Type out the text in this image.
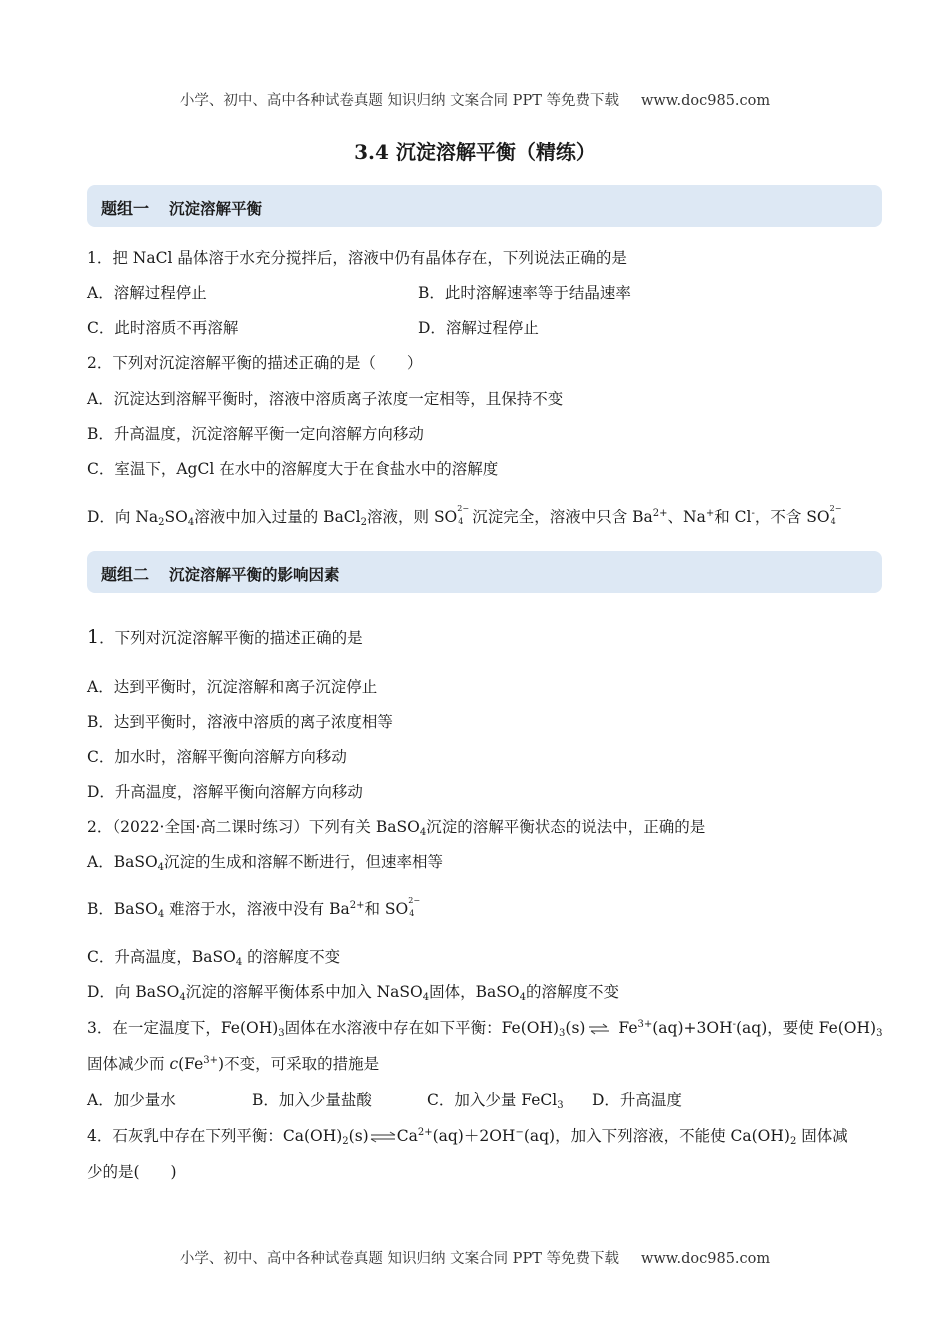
小学、初中、高中各种试卷真题 知识归纳 文案合同 PPT 等免费下载 www.doc985.com
3.4 沉淀溶解平衡（精练）
题组一 沉淀溶解平衡
1．把 NaCl 晶体溶于水充分搅拌后，溶液中仍有晶体存在，下列说法正确的是
A．溶解过程停止	B．此时溶解速率等于结晶速率
C．此时溶质不再溶解	D．溶解过程停止
2．下列对沉淀溶解平衡的描述正确的是（　　）
A．沉淀达到溶解平衡时，溶液中溶质离子浓度一定相等，且保持不变
B．升高温度，沉淀溶解平衡一定向溶解方向移动
C．室温下，AgCl 在水中的溶解度大于在食盐水中的溶解度
D．向 $Na_2SO_4$溶液中加入过量的 BaCl$_2$溶液，则 SO 2−
4 沉淀完全，溶液中只含 $Ba^{2+}$、Na+和 Cl-，不含 SO 2−
4
题组二 沉淀溶解平衡的影响因素
1．下列对沉淀溶解平衡的描述正确的是
A．达到平衡时，沉淀溶解和离子沉淀停止
B．达到平衡时，溶液中溶质的离子浓度相等
C．加水时，溶解平衡向溶解方向移动
D．升高温度，溶解平衡向溶解方向移动
2．（2022·全国·高二课时练习）下列有关 BaSO$_4$沉淀的溶解平衡状态的说法中，正确的是
A．BaSO$_4$沉淀的生成和溶解不断进行，但速率相等
B．BaSO$_4$ 难溶于水，溶液中没有 $Ba^{2+}$和 SO 2−
4
C．升高温度，BaSO$_4$ 的溶解度不变
D．向 BaSO$_4$沉淀的溶解平衡体系中加入 NaSO$_4$固体，BaSO$_4$的溶解度不变
3．在一定温度下，$Fe(OH)_3$固体在水溶液中存在如下平衡：$Fe(OH)_3(s)\rightleftharpoons$ $Fe^{3+}(aq)+3OH^-(aq)$，要使 $Fe(OH)_3$
固体减少而 $c(Fe^{3+})$不变，可采取的措施是
A．加少量水	B．加入少量盐酸	C．加入少量 FeCl$_3$ D．升高温度
4．石灰乳中存在下列平衡：$Ca(OH)_2(s)\rightleftharpoons Ca^{2+}(aq)+2OH^-(aq)$，加入下列溶液，不能使 $Ca(OH)_2$ 固体减
少的是(　　)
小学、初中、高中各种试卷真题 知识归纳 文案合同 PPT 等免费下载 www.doc985.com
